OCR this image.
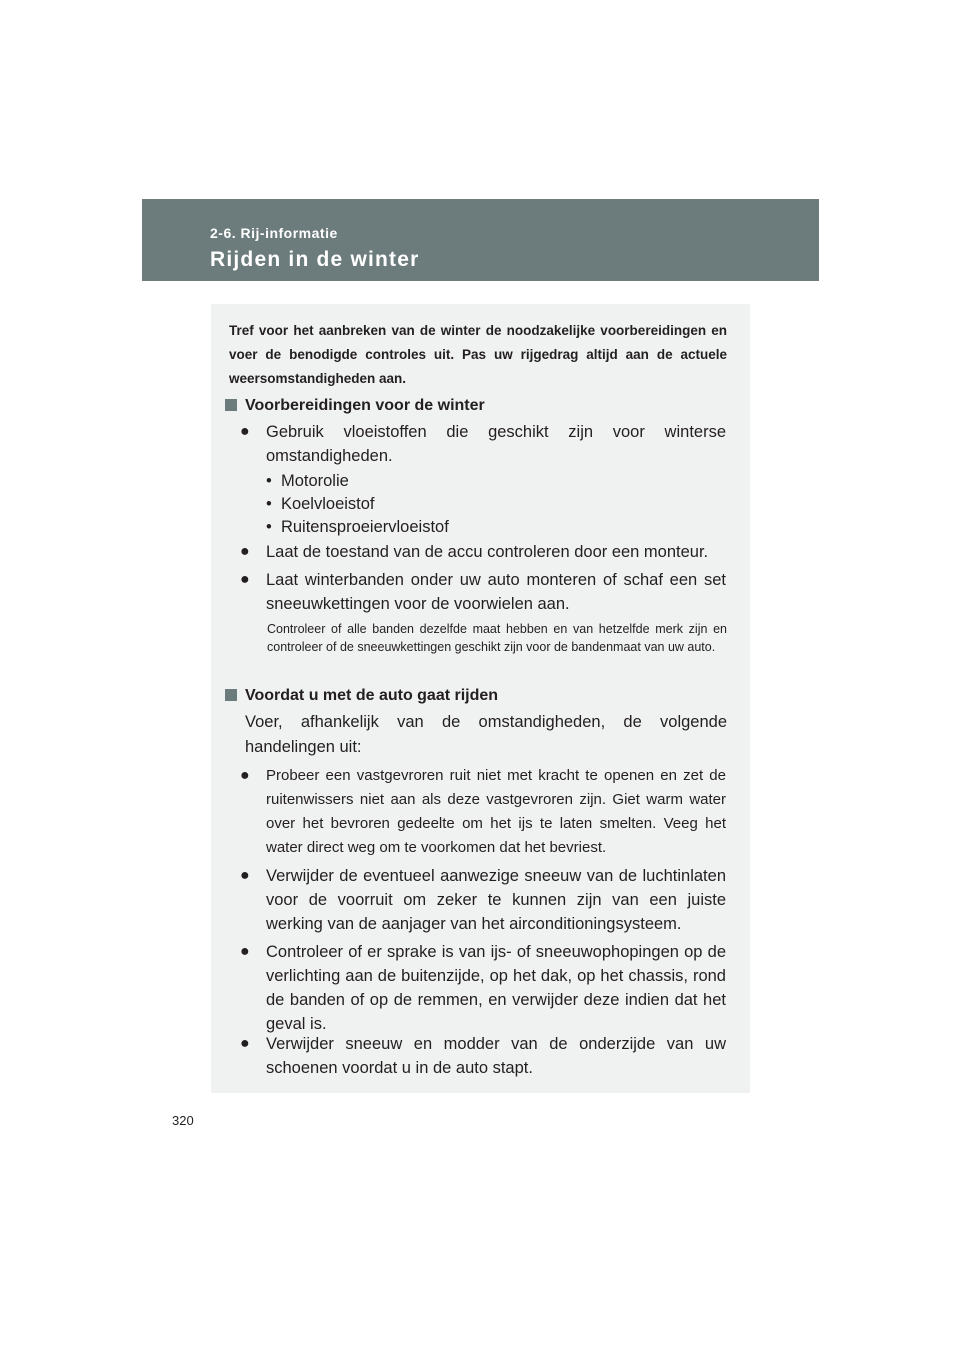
2-6. Rij-informatie
Rijden in de winter
Tref voor het aanbreken van de winter de noodzakelijke voorbereidingen en voer de benodigde controles uit. Pas uw rijgedrag altijd aan de actuele weersomstandigheden aan.
Voorbereidingen voor de winter
● Gebruik vloeistoffen die geschikt zijn voor winterse omstandigheden.
•  Motorolie
•  Koelvloeistof
•  Ruitensproeiervloeistof
● Laat de toestand van de accu controleren door een monteur.
● Laat winterbanden onder uw auto monteren of schaf een set sneeuwkettingen voor de voorwielen aan.
Controleer of alle banden dezelfde maat hebben en van hetzelfde merk zijn en controleer of de sneeuwkettingen geschikt zijn voor de bandenmaat van uw auto.
Voordat u met de auto gaat rijden
Voer, afhankelijk van de omstandigheden, de volgende handelingen uit:
● Probeer een vastgevroren ruit niet met kracht te openen en zet de ruitenwissers niet aan als deze vastgevroren zijn. Giet warm water over het bevroren gedeelte om het ijs te laten smelten. Veeg het water direct weg om te voorkomen dat het bevriest.
● Verwijder de eventueel aanwezige sneeuw van de luchtinlaten voor de voorruit om zeker te kunnen zijn van een juiste werking van de aanjager van het airconditioningsysteem.
● Controleer of er sprake is van ijs- of sneeuwophopingen op de verlichting aan de buitenzijde, op het dak, op het chassis, rond de banden of op de remmen, en verwijder deze indien dat het geval is.
● Verwijder sneeuw en modder van de onderzijde van uw schoenen voordat u in de auto stapt.
320
